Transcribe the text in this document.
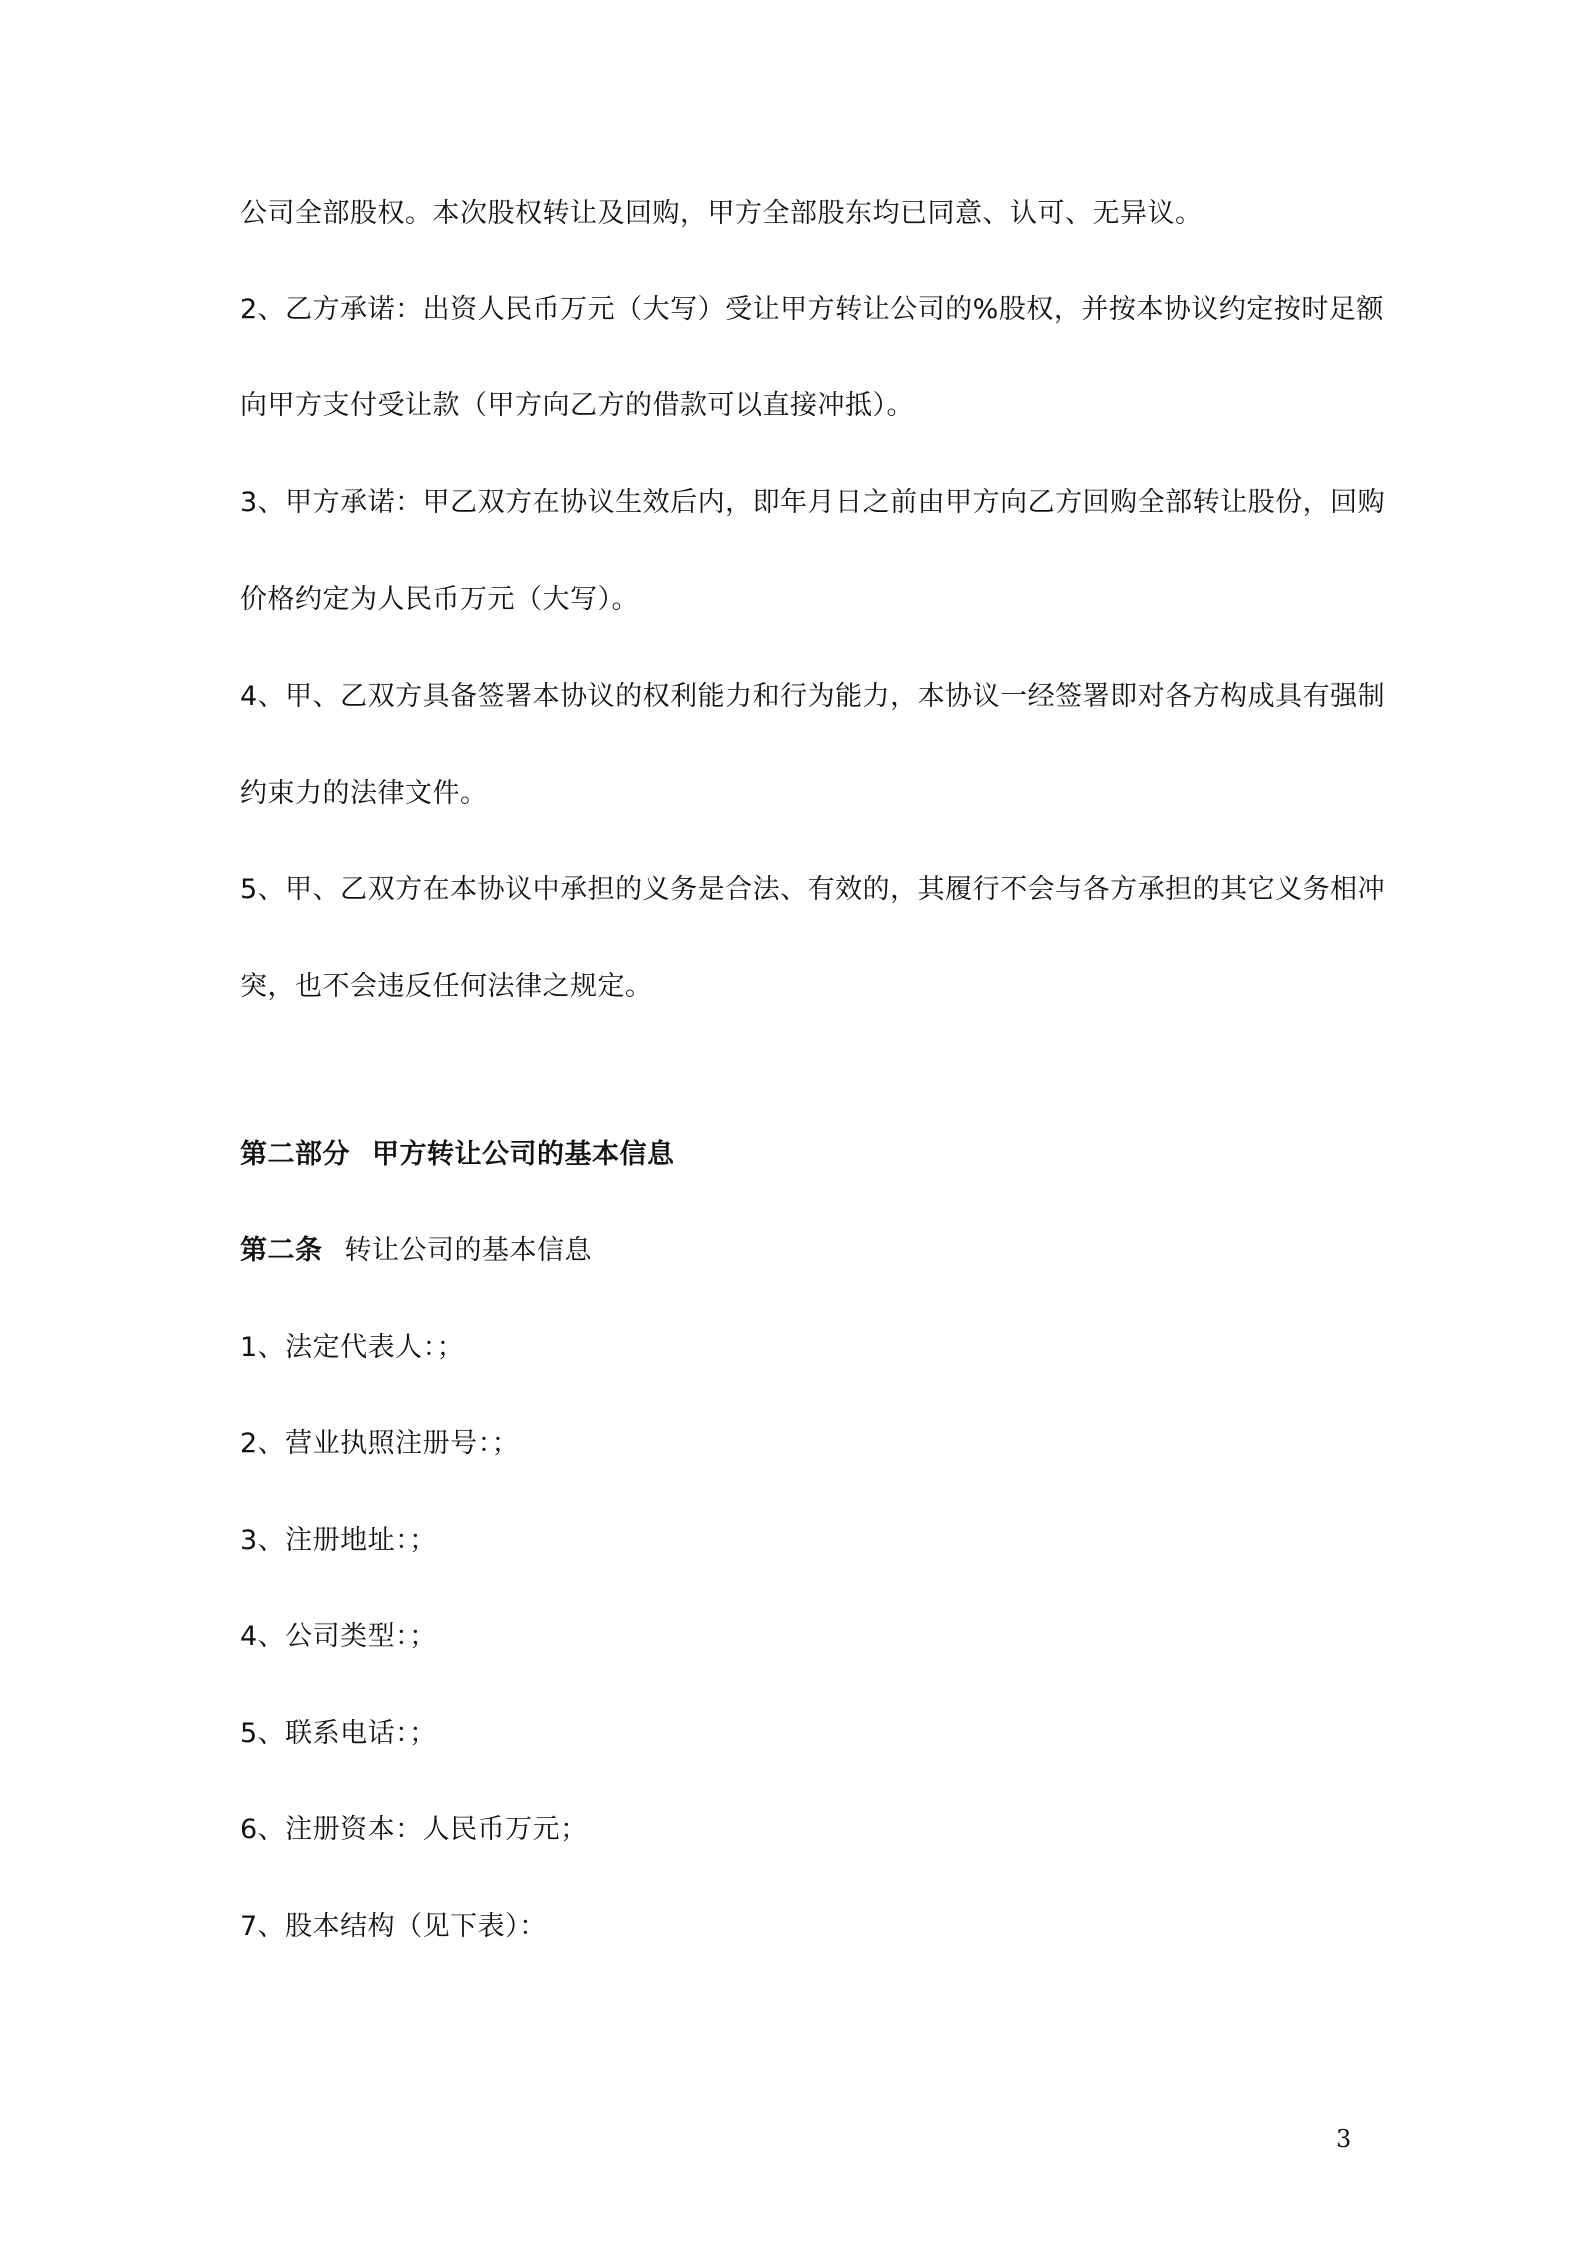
公司全部股权。本次股权转让及回购，甲方全部股东均已同意、认可、无异议。
2、乙方承诺：出资人民币万元（大写）受让甲方转让公司的%股权，并按本协议约定按时足额
向甲方支付受让款（甲方向乙方的借款可以直接冲抵）。
3、甲方承诺：甲乙双方在协议生效后内，即年月日之前由甲方向乙方回购全部转让股份，回购
价格约定为人民币万元（大写）。
4、甲、乙双方具备签署本协议的权利能力和行为能力，本协议一经签署即对各方构成具有强制
约束力的法律文件。
5、甲、乙双方在本协议中承担的义务是合法、有效的，其履行不会与各方承担的其它义务相冲
突，也不会违反任何法律之规定。
第二部分 甲方转让公司的基本信息
第二条 转让公司的基本信息
1、法定代表人：；
2、营业执照注册号：；
3、注册地址：；
4、公司类型：；
5、联系电话：；
6、注册资本：人民币万元；
7、股本结构（见下表）：
3
